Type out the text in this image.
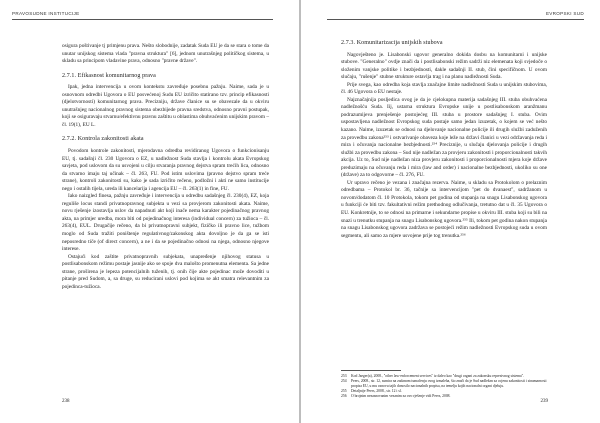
PRAVOSUDNE INSTITUCIJE

osigura poštivanje tj primjenu prava. Nešto slobodnije, zadatak Suda EU je da se stara o tome da unutar unijskog sistema vlada "pravna struktura" [6], jednom unutrašnjeg političkog sistema, u skladu sa principom vladavine prava, odnosno "pravne države".

2.7.1. Efikasnost komunitarnog prava

Ipak, jedna intervencija u ovom kontekstu zavređuje posebnu pažnju. Naime, sada je u osnovnom odredbi Ugovora o EU posvećenoj Sudu EU izričito statirano tzv. princip efikasnosti (djelotvornosti) komunitarnog prava. Precizniju, države članice su se obavezale da u okviru unutrašnjeg nacionalnog pravnog sistema obezbijede pravna sredstva, odnosno pravni postupak, koji se osiguravaju stvarnu/efektivnu pravnu zaštitu u oblastima obuhvaćenim unijskim pravom – čl. 19(1), EU L.

2.7.2. Kontrola zakonitosti akata

Povodom kontrole zakonitosti, mjerodavna odredba revidiranog Ugovora o funkcionisanju EU, tj. sadašnji čl. 230 Ugovora o EZ, u nadležnost Suda stavlja i kontrolu akata Evropskog savjeta, pod uslovom da su usvojeni u cilju stvaranja pravnog dejstva spram trećih lica, odnosno da stvarno imaju taj učinak – čl. 263, FU. Pod istim uslovima (pravno dejstvo spram treće strane), kontroli zakonitosti su, kako je sada izričito rečeno, podložni i akti ne samo institucije nego i ostalih tijela, ureda ili kancelarija i agencija EU – čl. 263(1) in fine, FU.

Iako naizgled finesa, pažnju zavređuje i intervencija u odredbu sadašnjeg čl. 230(4), EZ, koja reguliše locus standi privatnopravnog subjekta u vezi sa provjerom zakonitosti akata. Naime, novu rješenje izostavlja uslov da napadnuti akt koji inače nema karakter pojedinačnog pravnog akta, na primjer uredba, mora biti od pojedinačnog interesa (individual concern) za tužioca – čl. 263(4), EUL. Drugačije rečeno, da bi privatnopravni subjekt, fizičko ili pravno lice, tužbom moglo od Suda tražiti poništenje regulativnog/zakonskog akta dovoljno je da ga se isti neposredno tiče (of direct concern), a ne i da se pojedinačno odnosi na njega, odnosno njegove interese.

Ostajući kod zaštite privatnopravnih subjekata, unapređenje njihovog statusa u postlisabonskom režimu postaje jasnije ako se spoje dva malošto promenutna elementa. Sa jedne strane, proširena je lepeza potencijalnih tuženih, tj. onih čije akte pojedinac može dovoditi u pitanje pred Sudom, a, sa druge, su reducirani uslovi pod kojima se akt smatra relevantnim za pojedinca-tužioca.

238
EVROPSKI SUD
2.7.3. Komunitarizacija unijskih stubova

Nagovještenо je. Lisabonski ugovor generalno dokida dosbu na komunitarni i unijske stubove. "Generalno" ovdje znači da i postlisabonski režim sadrži niz elemenata koji svjedoče o složenim vanjske politike i bezbjednosti, dakle sadašnji II. stub, čini specifičnom. U ovom slučaju, "rušenje" stubne strukture ostavlja trag i na planu nadležnosti Suda.

Prije svega, kao odredba koja stavlja značajne limite nadležnosti Suda u unijskim stubovima, čl. 46 Ugovora o EU nestaje.

Najznačajnija posljedica ovog je da je cjelokupna materija sadašnjeg III. stuba obuhvaćena nadležnošću Suda. Iiј, ustarna struktura Evropske unije u postlisabonskom aranžmanu podrazumijeva prenješenje postojećeg III. stuba u prostore sadašnjeg I. stuba. Ovim uspostavljena nadležnost Evropskog suda postaje samo jedan izuzetak, o kojem se već nešto kazano. Naime, izuzetak se odnosi na djelovanje nacionalne policije ili drugih službi zaduženih za provedbu zakona²⁵³ i ostvarivanje obaveza koje leže na državi članici u vezi održavanja reda i mira i očuvanja nacionalne bezbjednosti.²⁵⁴ Precizniје, u slučaju djelovanja policije i drugih službi za provedbu zakona – Sud nije nadležan za provjeru zakonitosti i proporcionalnosti takvih akcija. Uz to, Sud nije nadležan niza provjeru zakonitosti i proporcionalnosti mjera koje države preduzimaju na očuvanju reda i mira (law and order) i nacionalne bezbjednosti, ukoliko su one (države) za to odgovorne – čl. 276, FU.

Ur upravo rečeno je vezana i značajna rezerva. Naime, u skladu sa Protokolom o prelaznim odredbama – Protokol br. 36, tačnije sa intervencijom "pet do dvanaest", sadržanom u novom/dodatom čl. 10 Protokola, tokom pet godina od stupanja na snagu Lisabonskog ugovora u funkciji će biti tzv. fakultativni režim prethodnog odlučivanja, tretutno dat u čl. 35 Ugovora o EU. Konkretnije, to se odnosi na primarne i sekundarne propise u okviru III. stuba koji su bili na snazi u trenutku stupanja na snagu Lisabonskog ugovora.²⁵⁵ Ili, tokom pet godina nakon stupanja na snagu Lisabonskog ugovora zadržava se postojeći režim nadležnosti Evropskog suda u ovom segmentu, ali samo za mjere usvojene prije tog trenutka.²⁵⁶

253	Kod Jaeger(a), 2008., "other law-enforcement services" iz daleo kao "drugi organi za zakonsku represivnog sistema".
254	Peers, 2008., str. 12, sumira na zadanom tumačenju ovog izmaleha, što znači da je Sud nadležan za ocjenu zakonitosti i sinamarnosti propisa EU, u mu osnovu tajih donosilo nacionalnih propisa, na temelju kojih nacionalni organi djeluju.
255	Detaljnije Peers, 2008., str. 12 i sl.
256	O brojnim nezasnovanim vezanim za ovo rješenje vidi Peers, 2008.
239
